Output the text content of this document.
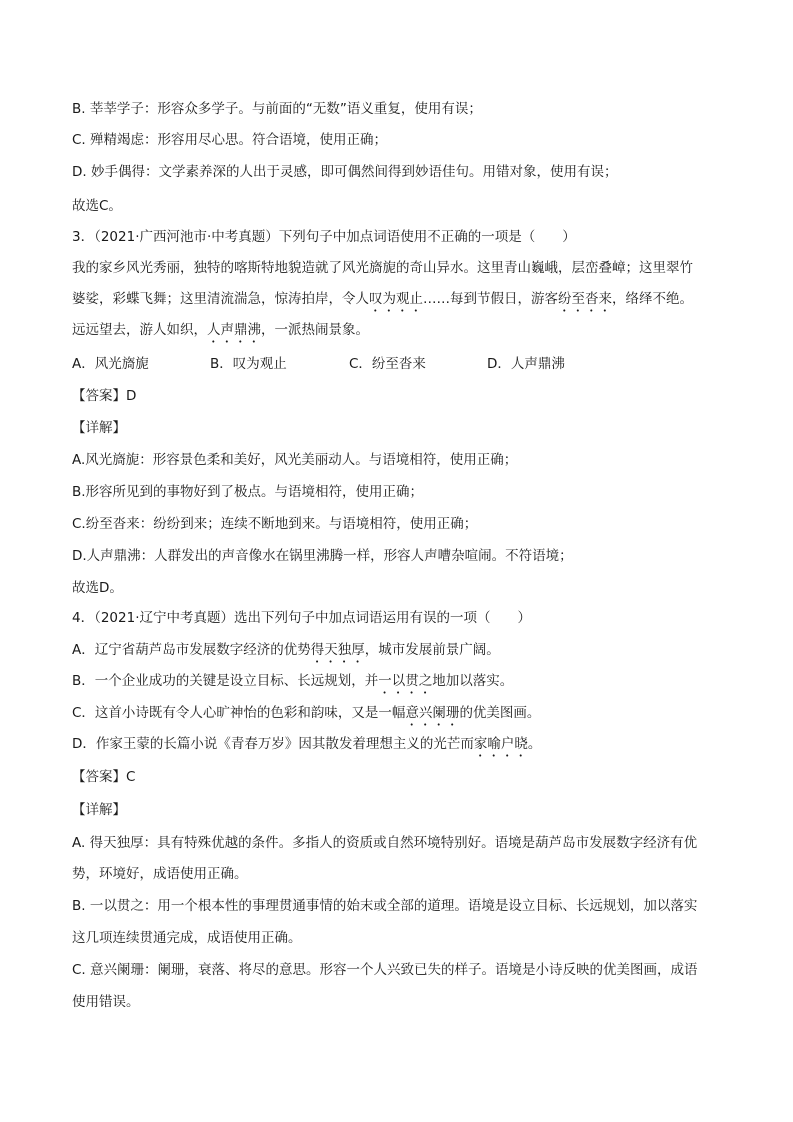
B. 莘莘学子：形容众多学子。与前面的“无数”语义重复，使用有误；
C. 殚精竭虑：形容用尽心思。符合语境，使用正确；
D. 妙手偶得：文学素养深的人出于灵感，即可偶然间得到妙语佳句。用错对象，使用有误；
故选C。
3．（2021·广西河池市·中考真题）下列句子中加点词语使用不正确的一项是（　　）
我的家乡风光秀丽，独特的喀斯特地貌造就了风光旖旎的奇山异水。这里青山巍峨，层峦叠嶂；这里翠竹
婆娑，彩蝶飞舞；这里清流湍急，惊涛拍岸，令人叹为观止……每到节假日，游客纷至沓来，络绎不绝。
远远望去，游人如织，人声鼎沸，一派热闹景象。
A．风光旖旎	B．叹为观止	C．纷至沓来	D．人声鼎沸
【答案】D
【详解】
A.风光旖旎：形容景色柔和美好，风光美丽动人。与语境相符，使用正确；
B.形容所见到的事物好到了极点。与语境相符，使用正确；
C.纷至沓来：纷纷到来；连续不断地到来。与语境相符，使用正确；
D.人声鼎沸：人群发出的声音像水在锅里沸腾一样，形容人声嘈杂喧闹。不符语境；
故选D。
4．（2021·辽宁中考真题）选出下列句子中加点词语运用有误的一项（　　）
A．辽宁省葫芦岛市发展数字经济的优势得天独厚，城市发展前景广阔。
B．一个企业成功的关键是设立目标、长远规划，并一以贯之地加以落实。
C．这首小诗既有令人心旷神怡的色彩和韵味，又是一幅意兴阑珊的优美图画。
D．作家王蒙的长篇小说《青春万岁》因其散发着理想主义的光芒而家喻户晓。
【答案】C
【详解】
A. 得天独厚：具有特殊优越的条件。多指人的资质或自然环境特别好。语境是葫芦岛市发展数字经济有优
势，环境好，成语使用正确。
B. 一以贯之：用一个根本性的事理贯通事情的始末或全部的道理。语境是设立目标、长远规划，加以落实
这几项连续贯通完成，成语使用正确。
C. 意兴阑珊：阑珊，衰落、将尽的意思。形容一个人兴致已失的样子。语境是小诗反映的优美图画，成语
使用错误。
